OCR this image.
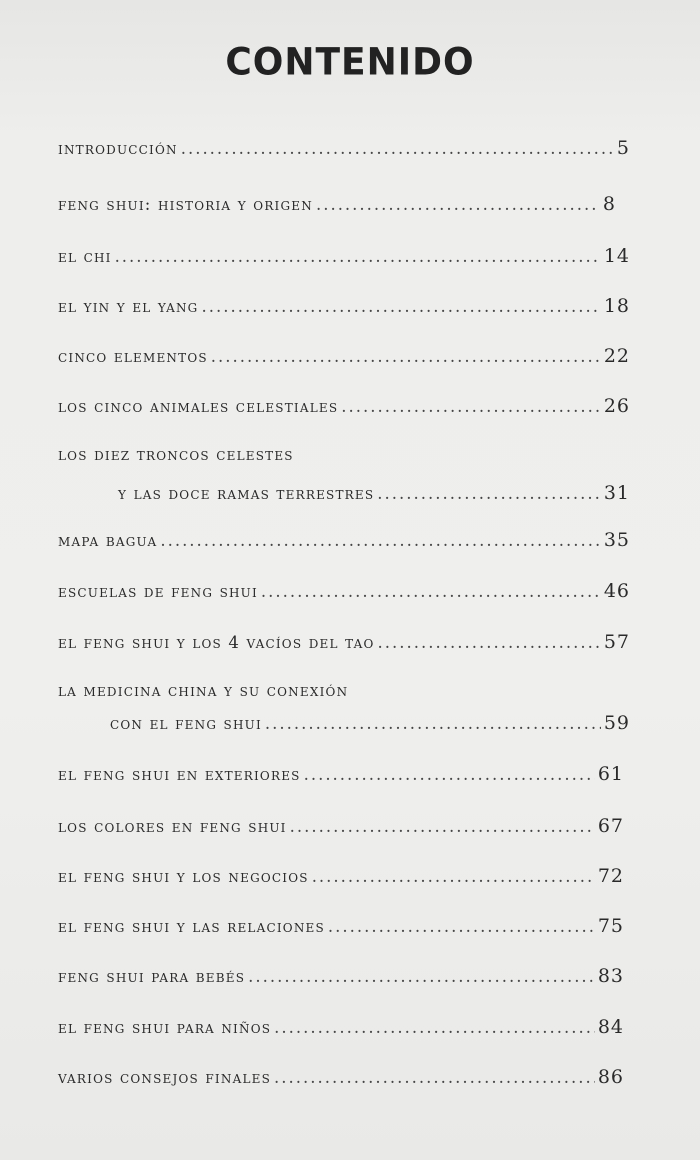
CONTENIDO
introducción .....	5
feng shui: historia y origen .....	8
el chi .....	14
el yin y el yang .....	18
cinco elementos .....	22
los cinco animales celestiales .....	26
los diez troncos celestes
y las doce ramas terrestres .....	31
mapa bagua .....	35
escuelas de feng shui .....	46
el feng shui y los 4 vacíos del tao .....	57
la medicina china y su conexión
con el feng shui .....	59
el feng shui en exteriores .....	61
los colores en feng shui .....	67
el feng shui y los negocios .....	72
el feng shui y las relaciones .....	75
feng shui para bebés .....	83
el feng shui para niños .....	84
varios consejos finales .....	86
